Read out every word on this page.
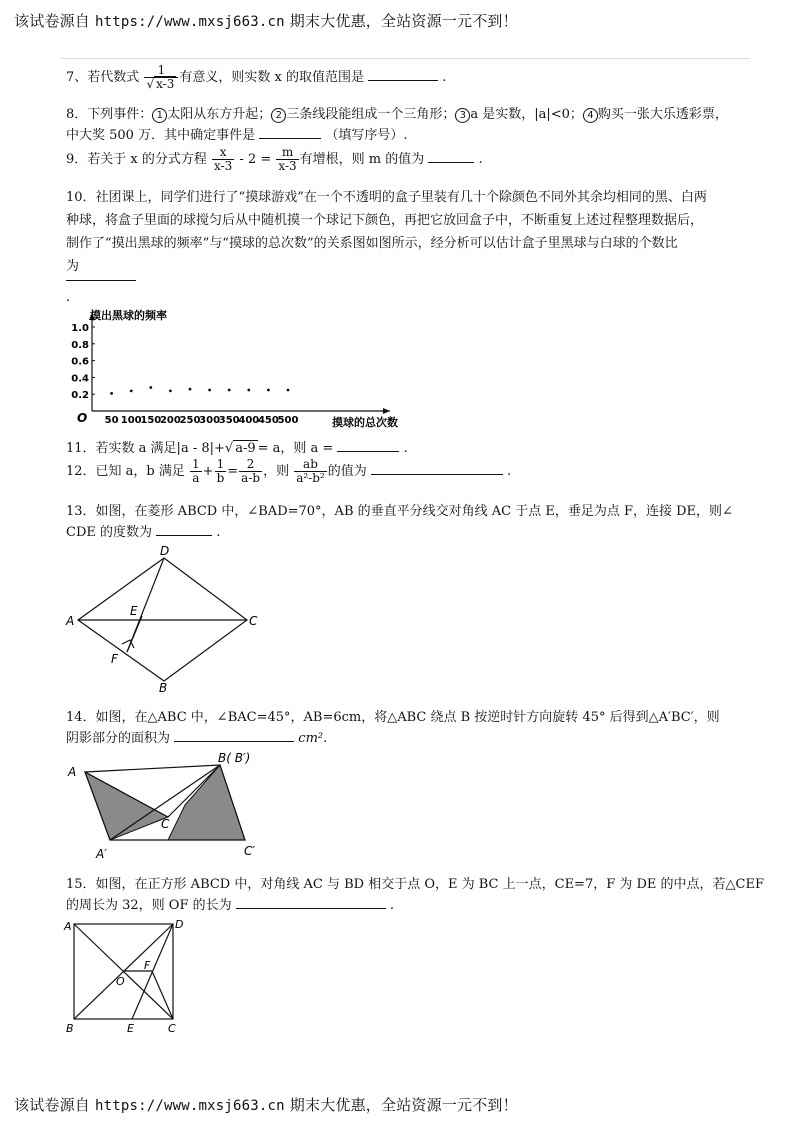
该试卷源自 https://www.mxsj663.cn 期末大优惠，全站资源一元不到！
7、若代数式 $\frac{1}{√ x-3}$ 有意义，则实数 x 的取值范围是	.
8．下列事件： 1 太阳从东方升起； 2 三条线段能组成一个三角形； 3 a 是实数，|a|<0； 4 购买一张大乐透彩票，
中大奖 500 万．其中确定事件是	（填写序号）.
9．若关于 x 的分式方程 $\frac{x}{x-3} - 2 = \frac{m}{x-3}$ 有增根，则 m 的值为	.
10．社团课上，同学们进行了“摸球游戏”在一个不透明的盒子里装有几十个除颜色不同外其余均相同的黑、白两
种球，将盒子里面的球搅匀后从中随机摸一个球记下颜色，再把它放回盒子中，不断重复上述过程整理数据后，
制作了“摸出黑球的频率”与“摸球的总次数”的关系图如图所示，经分析可以估计盒子里黑球与白球的个数比
为
.
0.2
0.4
0.6
0.8
1.0
50 100
150
200
250
300
350
400
450
500
摸出黑球的频率
摸球的总次数
O
11．若实数 a 满足|a - 8|+√ a-9 = a，则 a =	.
12．已知 a，b 满足 $\frac{1}{a} + \frac{1}{b} = \frac{2}{a-b}$ ，则 $\frac{ab}{\text{a²-b²}}$ 的值为	.
13．如图，在菱形 ABCD 中，∠BAD=70°，AB 的垂直平分线交对角线 AC 于点 E，垂足为点 F，连接 DE，则∠
CDE 的度数为	.
A
D
C
B
E
F
14．如图，在△ABC 中，∠BAC=45°，AB=6cm，将△ABC 绕点 B 按逆时针方向旋转 45° 后得到△A′BC′，则
阴影部分的面积为	cm².
A
B( B′)
C
A′	C′
15．如图，在正方形 ABCD 中，对角线 AC 与 BD 相交于点 O，E 为 BC 上一点，CE=7，F 为 DE 的中点，若△CEF
的周长为 32，则 OF 的长为	.
A	D
B	C
E
F
O
该试卷源自 https://www.mxsj663.cn 期末大优惠，全站资源一元不到！
